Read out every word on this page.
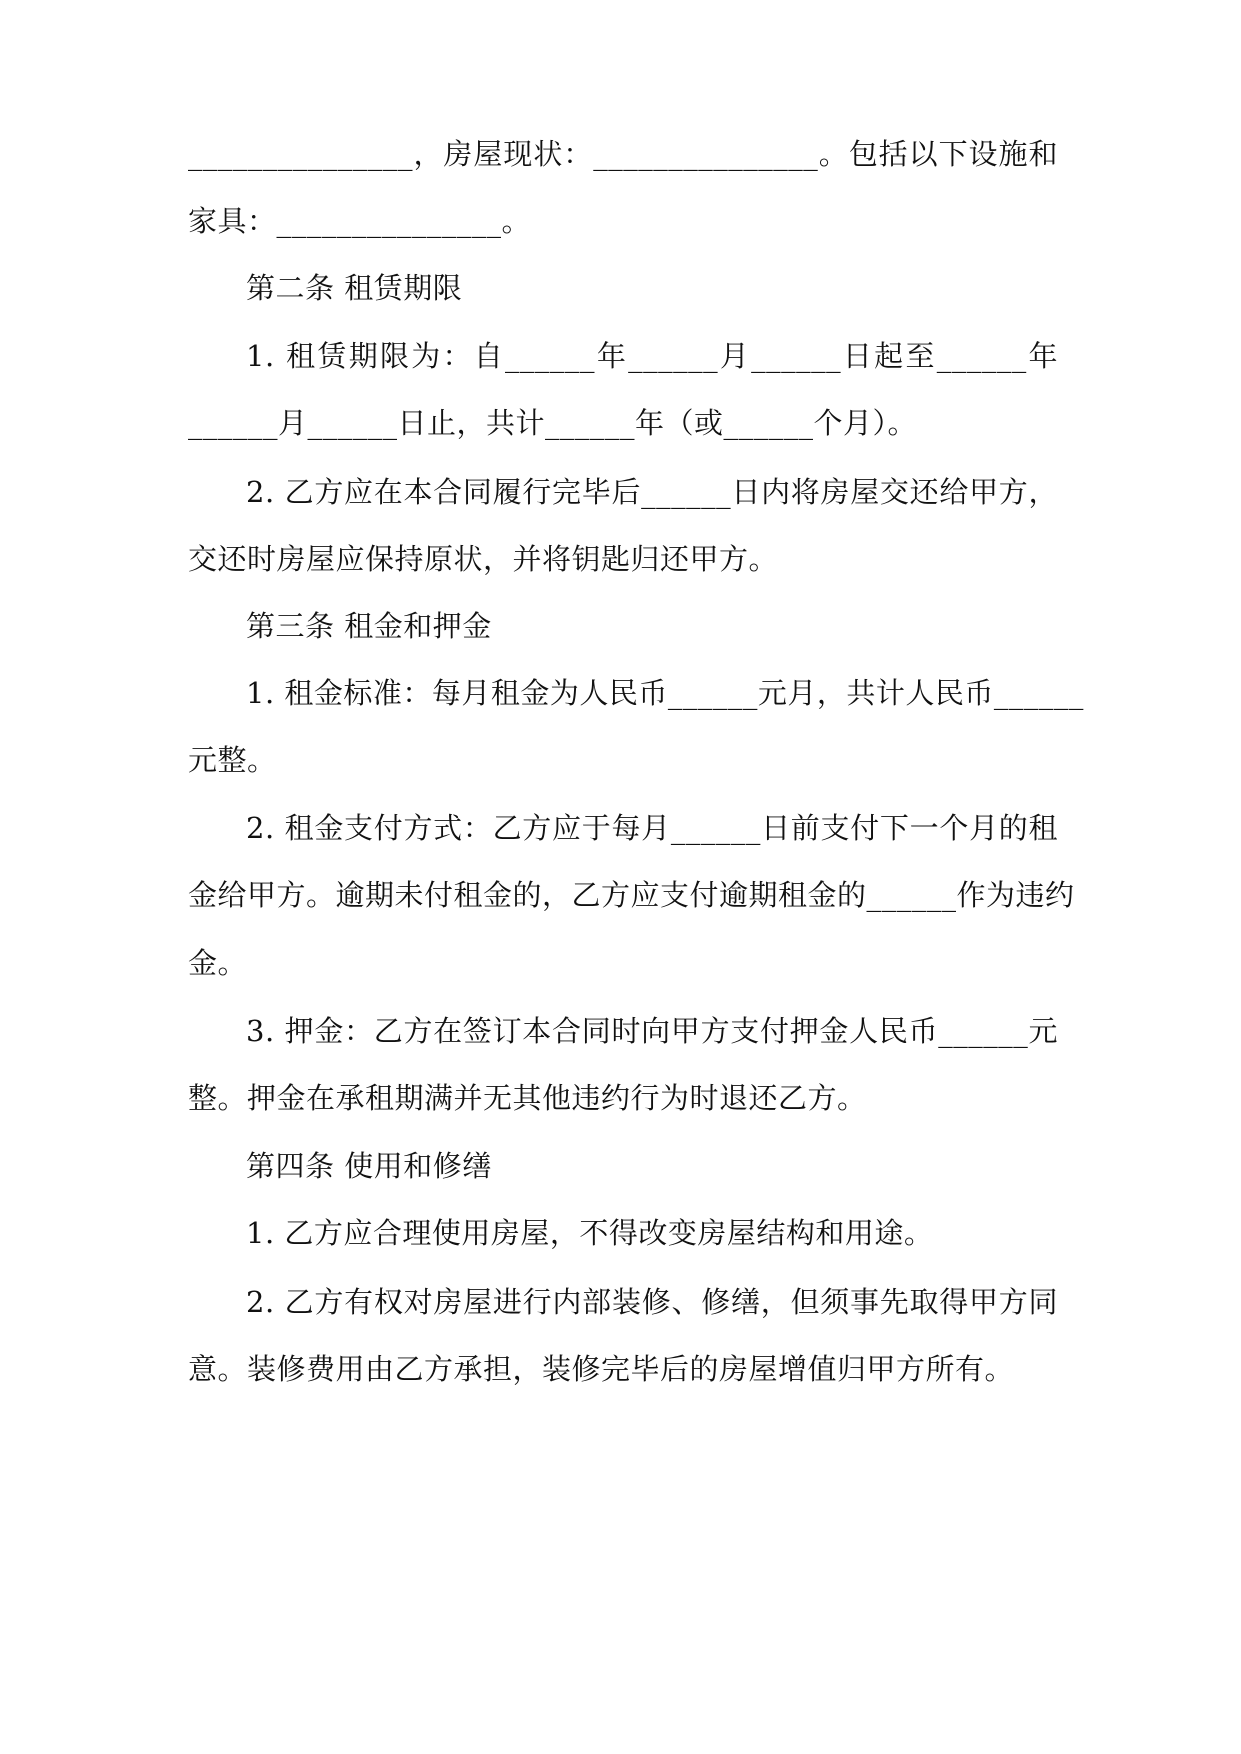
_______________，房屋现状：_______________。包括以下设施和
家具：_______________。
第二条 租赁期限
1. 租赁期限为：自______年______月______日起至______年
______月______日止，共计______年（或______个月）。
2. 乙方应在本合同履行完毕后______日内将房屋交还给甲方，
交还时房屋应保持原状，并将钥匙归还甲方。
第三条 租金和押金
1. 租金标准：每月租金为人民币______元月，共计人民币______
元整。
2. 租金支付方式：乙方应于每月______日前支付下一个月的租
金给甲方。逾期未付租金的，乙方应支付逾期租金的______作为违约
金。
3. 押金：乙方在签订本合同时向甲方支付押金人民币______元
整。押金在承租期满并无其他违约行为时退还乙方。
第四条 使用和修缮
1. 乙方应合理使用房屋，不得改变房屋结构和用途。
2. 乙方有权对房屋进行内部装修、修缮，但须事先取得甲方同
意。装修费用由乙方承担，装修完毕后的房屋增值归甲方所有。
